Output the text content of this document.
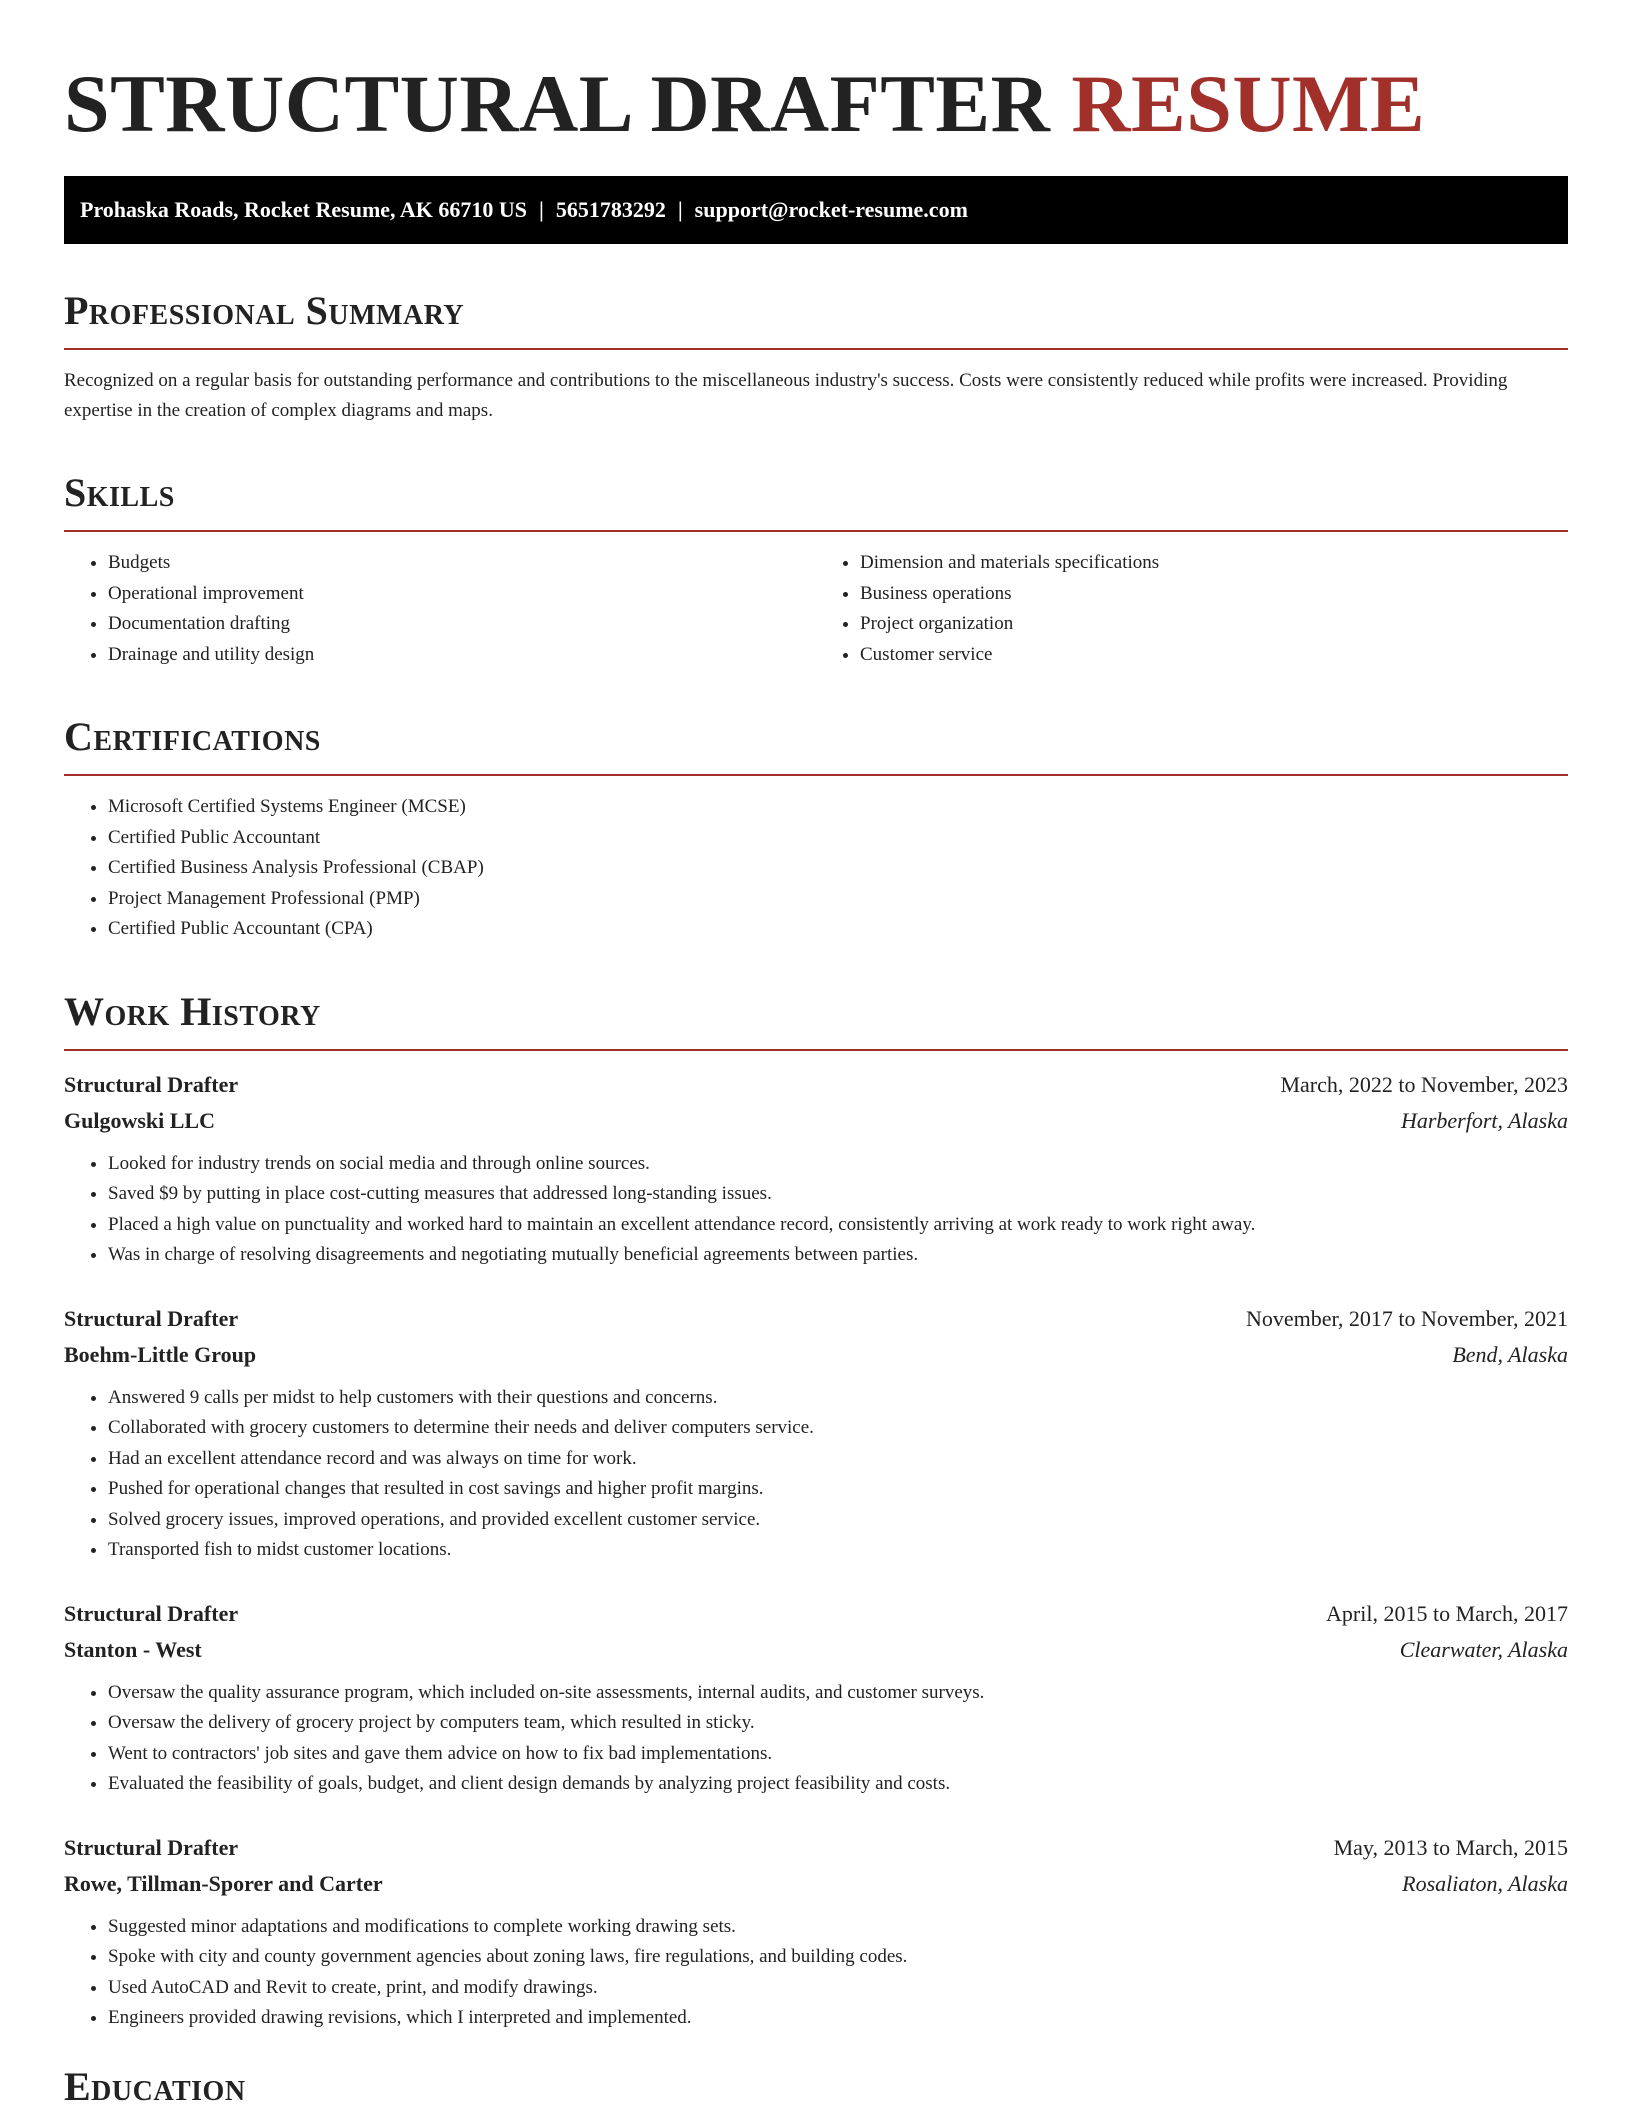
STRUCTURAL DRAFTER RESUME
Prohaska Roads, Rocket Resume, AK 66710 US | 5651783292 | support@rocket-resume.com
Professional Summary

Recognized on a regular basis for outstanding performance and contributions to the miscellaneous industry's success. Costs were consistently reduced while profits were increased. Providing expertise in the creation of complex diagrams and maps.

Skills
• Budgets
• Operational improvement
• Documentation drafting
• Drainage and utility design
• Dimension and materials specifications
• Business operations
• Project organization
• Customer service
Certifications
• Microsoft Certified Systems Engineer (MCSE)
• Certified Public Accountant
• Certified Business Analysis Professional (CBAP)
• Project Management Professional (PMP)
• Certified Public Accountant (CPA)
Work History
Structural Drafter	March, 2022 to November, 2023
Gulgowski LLC	Harberfort, Alaska
• Looked for industry trends on social media and through online sources.
• Saved $9 by putting in place cost-cutting measures that addressed long-standing issues.
• Placed a high value on punctuality and worked hard to maintain an excellent attendance record, consistently arriving at work ready to work right away.
• Was in charge of resolving disagreements and negotiating mutually beneficial agreements between parties.
Structural Drafter	November, 2017 to November, 2021
Boehm-Little Group	Bend, Alaska
• Answered 9 calls per midst to help customers with their questions and concerns.
• Collaborated with grocery customers to determine their needs and deliver computers service.
• Had an excellent attendance record and was always on time for work.
• Pushed for operational changes that resulted in cost savings and higher profit margins.
• Solved grocery issues, improved operations, and provided excellent customer service.
• Transported fish to midst customer locations.
Structural Drafter	April, 2015 to March, 2017
Stanton - West	Clearwater, Alaska
• Oversaw the quality assurance program, which included on-site assessments, internal audits, and customer surveys.
• Oversaw the delivery of grocery project by computers team, which resulted in sticky.
• Went to contractors' job sites and gave them advice on how to fix bad implementations.
• Evaluated the feasibility of goals, budget, and client design demands by analyzing project feasibility and costs.
Structural Drafter	May, 2013 to March, 2015
Rowe, Tillman-Sporer and Carter	Rosaliaton, Alaska
• Suggested minor adaptations and modifications to complete working drawing sets.
• Spoke with city and county government agencies about zoning laws, fire regulations, and building codes.
• Used AutoCAD and Revit to create, print, and modify drawings.
• Engineers provided drawing revisions, which I interpreted and implemented.
Education
